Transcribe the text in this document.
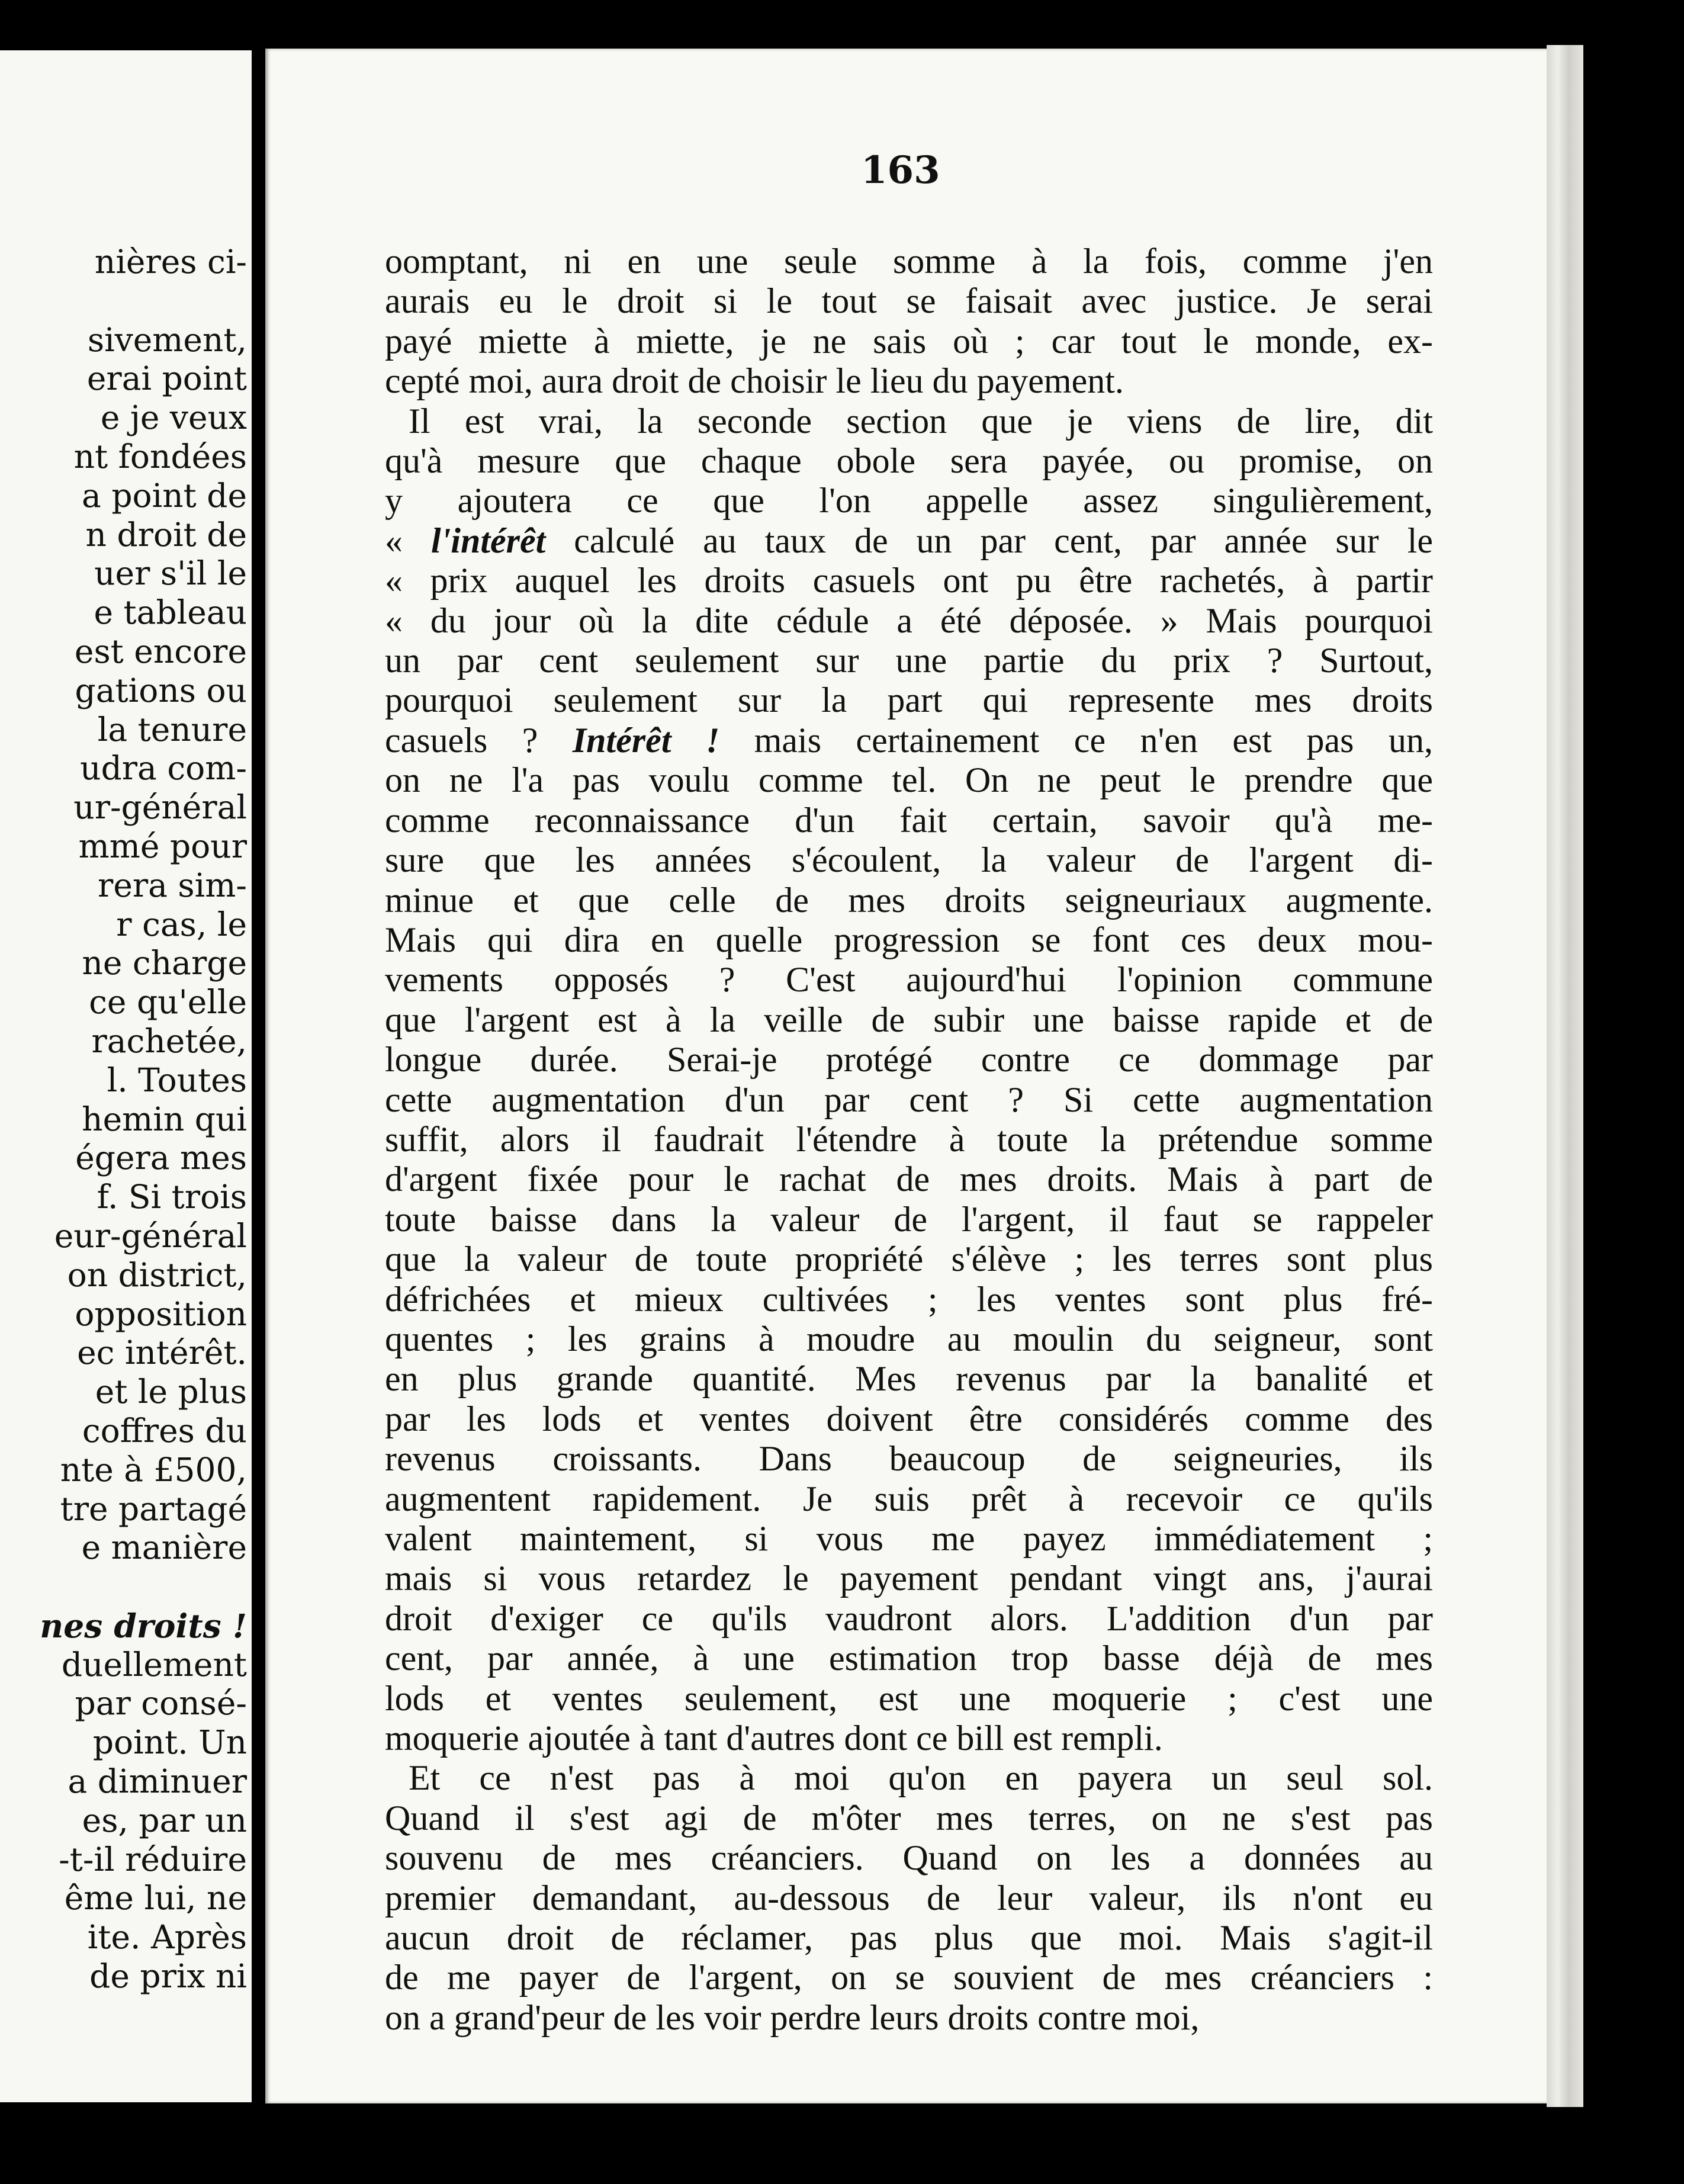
nières ci-

sivement,
erai point
e je veux
nt fondées
a point de
n droit de
uer s'il le
e tableau
est encore
gations ou
la tenure
udra com-
ur-général
mmé pour
rera sim-
r cas, le
ne charge
ce qu'elle
rachetée,
l. Toutes
hemin qui
égera mes
f. Si trois
eur-général
on district,
opposition
ec intérêt.
et le plus
coffres du
nte à £500,
tre partagé
e manière

nes droits !
duellement
par consé-
point. Un
a diminuer
es, par un
-t-il réduire
ême lui, ne
ite. Après
de prix ni
163
oomptant, ni en une seule somme à la fois, comme j'en
aurais eu le droit si le tout se faisait avec justice. Je serai
payé miette à miette, je ne sais où ; car tout le monde, ex-
cepté moi, aura droit de choisir le lieu du payement.
Il est vrai, la seconde section que je viens de lire, dit
qu'à mesure que chaque obole sera payée, ou promise, on
y ajoutera ce que l'on appelle assez singulièrement,
« l'intérêt calculé au taux de un par cent, par année sur le
« prix auquel les droits casuels ont pu être rachetés, à partir
« du jour où la dite cédule a été déposée. » Mais pourquoi
un par cent seulement sur une partie du prix ? Surtout,
pourquoi seulement sur la part qui represente mes droits
casuels ? Intérêt ! mais certainement ce n'en est pas un,
on ne l'a pas voulu comme tel. On ne peut le prendre que
comme reconnaissance d'un fait certain, savoir qu'à me-
sure que les années s'écoulent, la valeur de l'argent di-
minue et que celle de mes droits seigneuriaux augmente.
Mais qui dira en quelle progression se font ces deux mou-
vements opposés ? C'est aujourd'hui l'opinion commune
que l'argent est à la veille de subir une baisse rapide et de
longue durée. Serai-je protégé contre ce dommage par
cette augmentation d'un par cent ? Si cette augmentation
suffit, alors il faudrait l'étendre à toute la prétendue somme
d'argent fixée pour le rachat de mes droits. Mais à part de
toute baisse dans la valeur de l'argent, il faut se rappeler
que la valeur de toute propriété s'élève ; les terres sont plus
défrichées et mieux cultivées ; les ventes sont plus fré-
quentes ; les grains à moudre au moulin du seigneur, sont
en plus grande quantité. Mes revenus par la banalité et
par les lods et ventes doivent être considérés comme des
revenus croissants. Dans beaucoup de seigneuries, ils
augmentent rapidement. Je suis prêt à recevoir ce qu'ils
valent maintement, si vous me payez immédiatement ;
mais si vous retardez le payement pendant vingt ans, j'aurai
droit d'exiger ce qu'ils vaudront alors. L'addition d'un par
cent, par année, à une estimation trop basse déjà de mes
lods et ventes seulement, est une moquerie ; c'est une
moquerie ajoutée à tant d'autres dont ce bill est rempli.
Et ce n'est pas à moi qu'on en payera un seul sol.
Quand il s'est agi de m'ôter mes terres, on ne s'est pas
souvenu de mes créanciers. Quand on les a données au
premier demandant, au-dessous de leur valeur, ils n'ont eu
aucun droit de réclamer, pas plus que moi. Mais s'agit-il
de me payer de l'argent, on se souvient de mes créanciers :
on a grand'peur de les voir perdre leurs droits contre moi,
